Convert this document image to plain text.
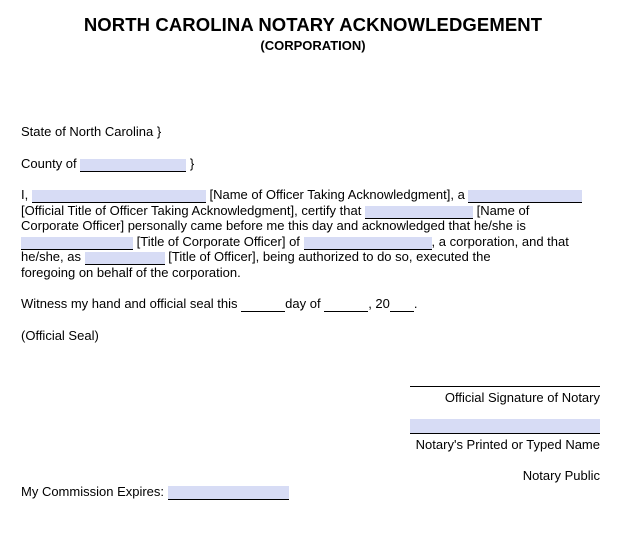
NORTH CAROLINA NOTARY ACKNOWLEDGEMENT
(CORPORATION)
State of North Carolina }
County of	}
I,	[Name of Officer Taking Acknowledgment], a
[Official Title of Officer Taking Acknowledgment], certify that	[Name of
Corporate Officer] personally came before me this day and acknowledged that he/she is
[Title of Corporate Officer] of	, a corporation, and that
he/she, as	[Title of Officer], being authorized to do so, executed the
foregoing on behalf of the corporation.
Witness my hand and official seal this	day of	, 20 .
(Official Seal)
Official Signature of Notary
Notary's Printed or Typed Name
Notary Public
My Commission Expires:
